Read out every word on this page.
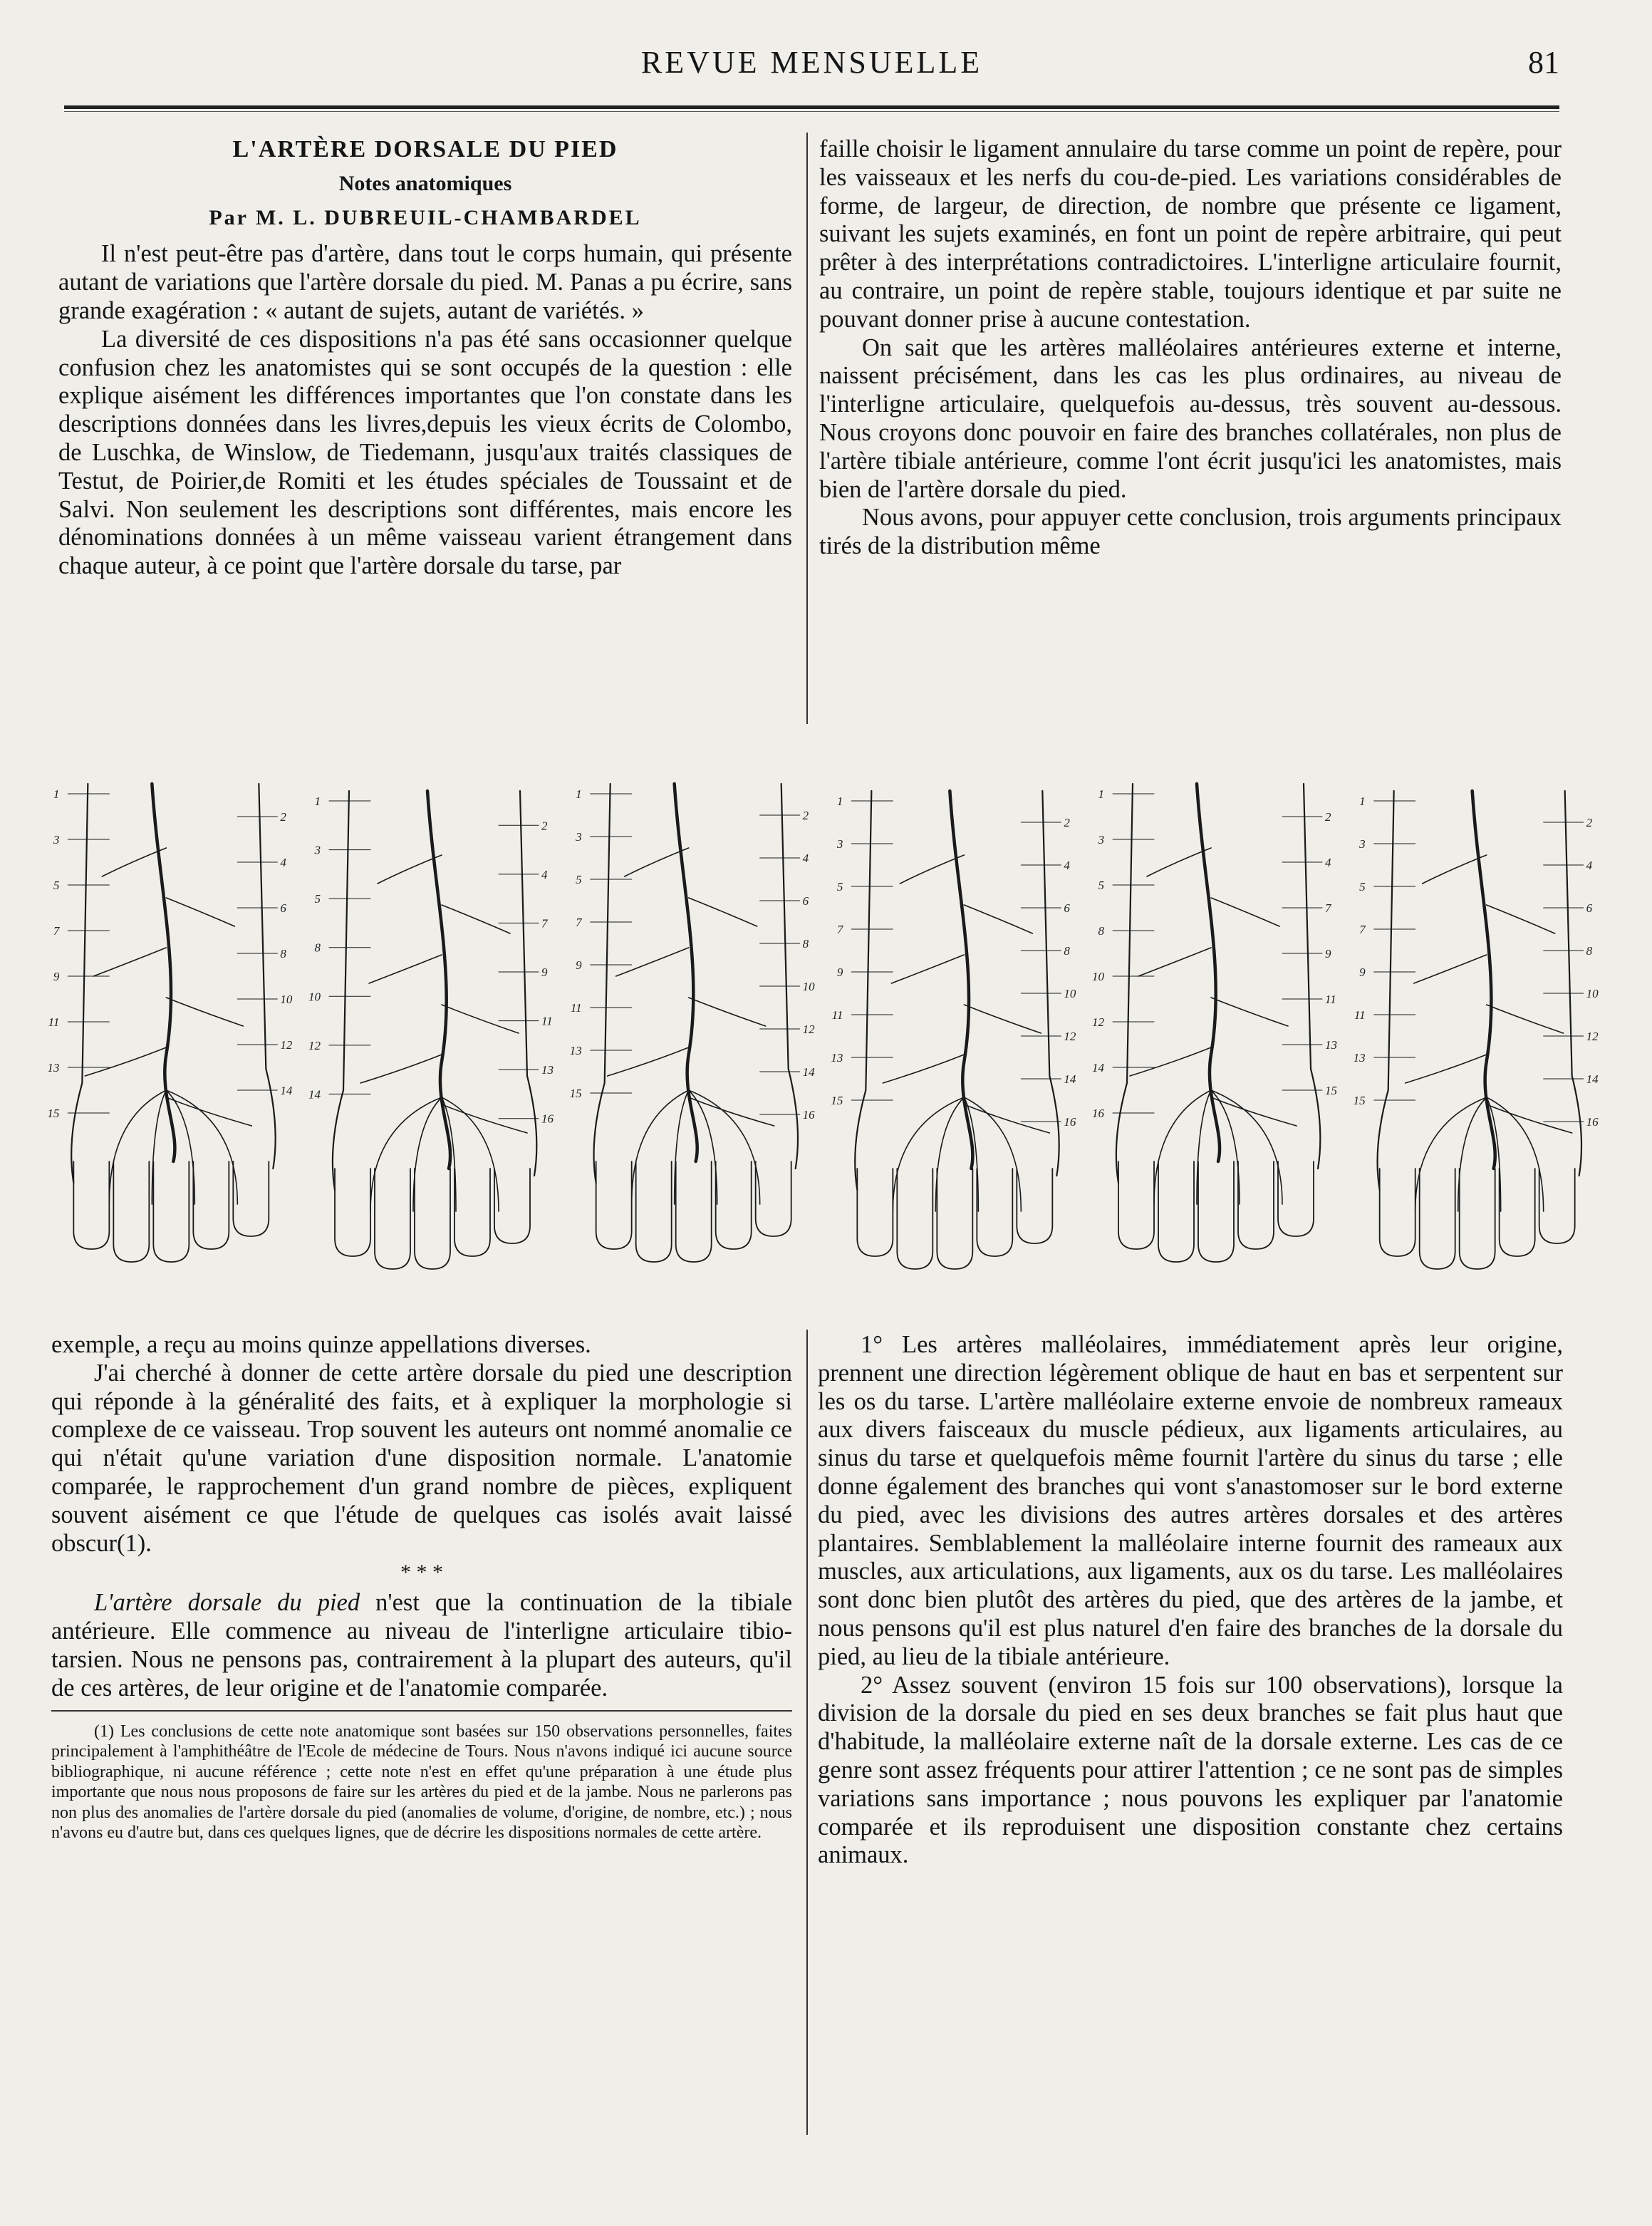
REVUE MENSUELLE	81

L'ARTÈRE DORSALE DU PIED

Notes anatomiques

Par M. L. DUBREUIL-CHAMBARDEL

Il n'est peut-être pas d'artère, dans tout le corps humain, qui présente autant de variations que l'artère dorsale du pied. M. Panas a pu écrire, sans grande exagération : « autant de sujets, autant de variétés. »

La diversité de ces dispositions n'a pas été sans occasionner quelque confusion chez les anatomistes qui se sont occupés de la question : elle explique aisément les différences importantes que l'on constate dans les descriptions données dans les livres,depuis les vieux écrits de Colombo, de Luschka, de Winslow, de Tiedemann, jusqu'aux traités classiques de Testut, de Poirier,de Romiti et les études spéciales de Toussaint et de Salvi. Non seulement les descriptions sont différentes, mais encore les dénominations données à un même vaisseau varient étrangement dans chaque auteur, à ce point que l'artère dorsale du tarse, par

faille choisir le ligament annulaire du tarse comme un point de repère, pour les vaisseaux et les nerfs du cou-de-pied. Les variations considérables de forme, de largeur, de direction, de nombre que présente ce ligament, suivant les sujets examinés, en font un point de repère arbitraire, qui peut prêter à des interprétations contradictoires. L'interligne articulaire fournit, au contraire, un point de repère stable, toujours identique et par suite ne pouvant donner prise à aucune contestation.

On sait que les artères malléolaires antérieures externe et interne, naissent précisément, dans les cas les plus ordinaires, au niveau de l'interligne articulaire, quelquefois au-dessus, très souvent au-dessous. Nous croyons donc pouvoir en faire des branches collatérales, non plus de l'artère tibiale antérieure, comme l'ont écrit jusqu'ici les anatomistes, mais bien de l'artère dorsale du pied.

Nous avons, pour appuyer cette conclusion, trois arguments principaux tirés de la distribution même

1
2
3
4
5
6
7
8
9
10
11
12
13
14
15
1
2
3
4
5
7
8
9
10
11
12
13
14
16
1
2
3
4
5
6
7
8
9
10
11
12
13
14
15
16
1
2
3
4
5
6
7
8
9
10
11
12
13
14
15
16
1
2
3
4
5
7
8
9
10
11
12
13
14
15
16
1
2
3
4
5
6
7
8
9
10
11
12
13
14
15
16

exemple, a reçu au moins quinze appellations diverses.

J'ai cherché à donner de cette artère dorsale du pied une description qui réponde à la généralité des faits, et à expliquer la morphologie si complexe de ce vaisseau. Trop souvent les auteurs ont nommé anomalie ce qui n'était qu'une variation d'une disposition normale. L'anatomie comparée, le rapprochement d'un grand nombre de pièces, expliquent souvent aisément ce que l'étude de quelques cas isolés avait laissé obscur(1).

* * *

L'artère dorsale du pied n'est que la continuation de la tibiale antérieure. Elle commence au niveau de l'interligne articulaire tibio-tarsien. Nous ne pensons pas, contrairement à la plupart des auteurs, qu'il de ces artères, de leur origine et de l'anatomie comparée.

(1) Les conclusions de cette note anatomique sont basées sur 150 observations personnelles, faites principalement à l'amphithéâtre de l'Ecole de médecine de Tours. Nous n'avons indiqué ici aucune source bibliographique, ni aucune référence ; cette note n'est en effet qu'une préparation à une étude plus importante que nous nous proposons de faire sur les artères du pied et de la jambe. Nous ne parlerons pas non plus des anomalies de l'artère dorsale du pied (anomalies de volume, d'origine, de nombre, etc.) ; nous n'avons eu d'autre but, dans ces quelques lignes, que de décrire les dispositions normales de cette artère.

1° Les artères malléolaires, immédiatement après leur origine, prennent une direction légèrement oblique de haut en bas et serpentent sur les os du tarse. L'artère malléolaire externe envoie de nombreux rameaux aux divers faisceaux du muscle pédieux, aux ligaments articulaires, au sinus du tarse et quelquefois même fournit l'artère du sinus du tarse ; elle donne également des branches qui vont s'anastomoser sur le bord externe du pied, avec les divisions des autres artères dorsales et des artères plantaires. Semblablement la malléolaire interne fournit des rameaux aux muscles, aux articulations, aux ligaments, aux os du tarse. Les malléolaires sont donc bien plutôt des artères du pied, que des artères de la jambe, et nous pensons qu'il est plus naturel d'en faire des branches de la dorsale du pied, au lieu de la tibiale antérieure.

2° Assez souvent (environ 15 fois sur 100 observations), lorsque la division de la dorsale du pied en ses deux branches se fait plus haut que d'habitude, la malléolaire externe naît de la dorsale externe. Les cas de ce genre sont assez fréquents pour attirer l'attention ; ce ne sont pas de simples variations sans importance ; nous pouvons les expliquer par l'anatomie comparée et ils reproduisent une disposition constante chez certains animaux.
